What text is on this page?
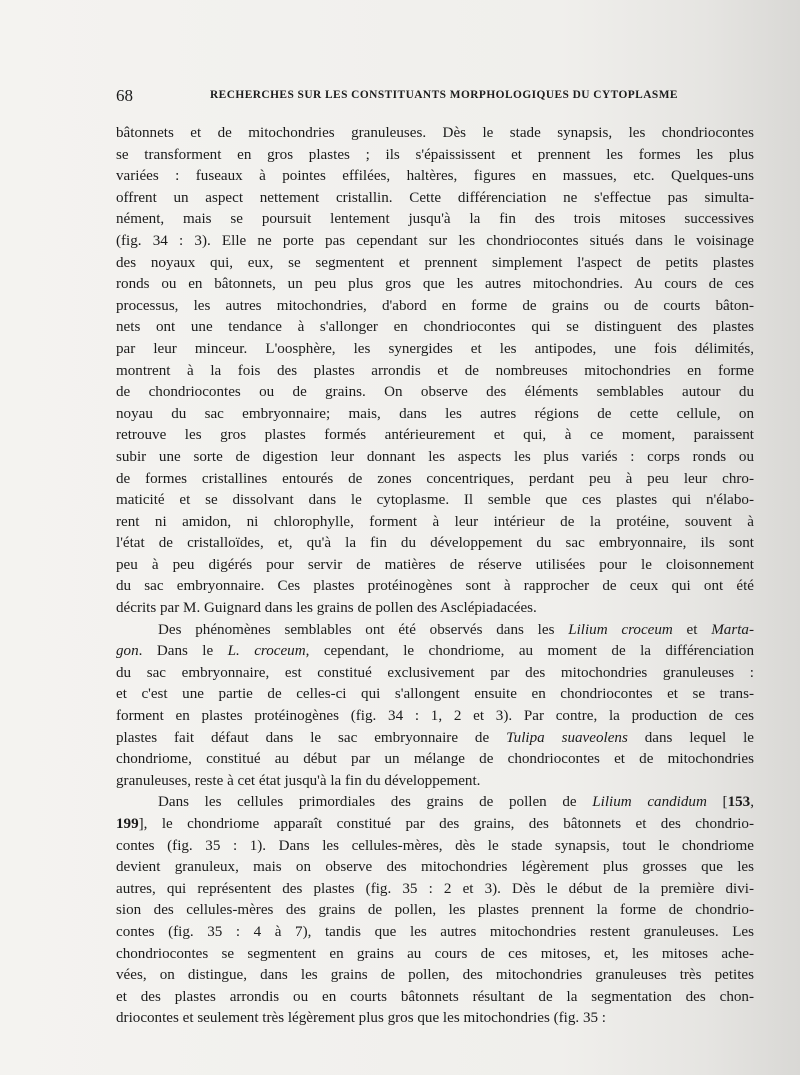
68	RECHERCHES SUR LES CONSTITUANTS MORPHOLOGIQUES DU CYTOPLASME
bâtonnets et de mitochondries granuleuses. Dès le stade synapsis, les chondriocontes
se transforment en gros plastes ; ils s'épaississent et prennent les formes les plus
variées : fuseaux à pointes effilées, haltères, figures en massues, etc. Quelques-uns
offrent un aspect nettement cristallin. Cette différenciation ne s'effectue pas simulta-
nément, mais se poursuit lentement jusqu'à la fin des trois mitoses successives
(fig. 34 : 3). Elle ne porte pas cependant sur les chondriocontes situés dans le voisinage
des noyaux qui, eux, se segmentent et prennent simplement l'aspect de petits plastes
ronds ou en bâtonnets, un peu plus gros que les autres mitochondries. Au cours de ces
processus, les autres mitochondries, d'abord en forme de grains ou de courts bâton-
nets ont une tendance à s'allonger en chondriocontes qui se distinguent des plastes
par leur minceur. L'oosphère, les synergides et les antipodes, une fois délimités,
montrent à la fois des plastes arrondis et de nombreuses mitochondries en forme
de chondriocontes ou de grains. On observe des éléments semblables autour du
noyau du sac embryonnaire; mais, dans les autres régions de cette cellule, on
retrouve les gros plastes formés antérieurement et qui, à ce moment, paraissent
subir une sorte de digestion leur donnant les aspects les plus variés : corps ronds ou
de formes cristallines entourés de zones concentriques, perdant peu à peu leur chro-
maticité et se dissolvant dans le cytoplasme. Il semble que ces plastes qui n'élabo-
rent ni amidon, ni chlorophylle, forment à leur intérieur de la protéine, souvent à
l'état de cristalloïdes, et, qu'à la fin du développement du sac embryonnaire, ils sont
peu à peu digérés pour servir de matières de réserve utilisées pour le cloisonnement
du sac embryonnaire. Ces plastes protéinogènes sont à rapprocher de ceux qui ont été
décrits par M. Guignard dans les grains de pollen des Asclépiadacées.
Des phénomènes semblables ont été observés dans les Lilium croceum et Marta-
gon. Dans le L. croceum, cependant, le chondriome, au moment de la différenciation
du sac embryonnaire, est constitué exclusivement par des mitochondries granuleuses :
et c'est une partie de celles-ci qui s'allongent ensuite en chondriocontes et se trans-
forment en plastes protéinogènes (fig. 34 : 1, 2 et 3). Par contre, la production de ces
plastes fait défaut dans le sac embryonnaire de Tulipa suaveolens dans lequel le
chondriome, constitué au début par un mélange de chondriocontes et de mitochondries
granuleuses, reste à cet état jusqu'à la fin du développement.
Dans les cellules primordiales des grains de pollen de Lilium candidum [153,
199], le chondriome apparaît constitué par des grains, des bâtonnets et des chondrio-
contes (fig. 35 : 1). Dans les cellules-mères, dès le stade synapsis, tout le chondriome
devient granuleux, mais on observe des mitochondries légèrement plus grosses que les
autres, qui représentent des plastes (fig. 35 : 2 et 3). Dès le début de la première divi-
sion des cellules-mères des grains de pollen, les plastes prennent la forme de chondrio-
contes (fig. 35 : 4 à 7), tandis que les autres mitochondries restent granuleuses. Les
chondriocontes se segmentent en grains au cours de ces mitoses, et, les mitoses ache-
vées, on distingue, dans les grains de pollen, des mitochondries granuleuses très petites
et des plastes arrondis ou en courts bâtonnets résultant de la segmentation des chon-
driocontes et seulement très légèrement plus gros que les mitochondries (fig. 35 :
